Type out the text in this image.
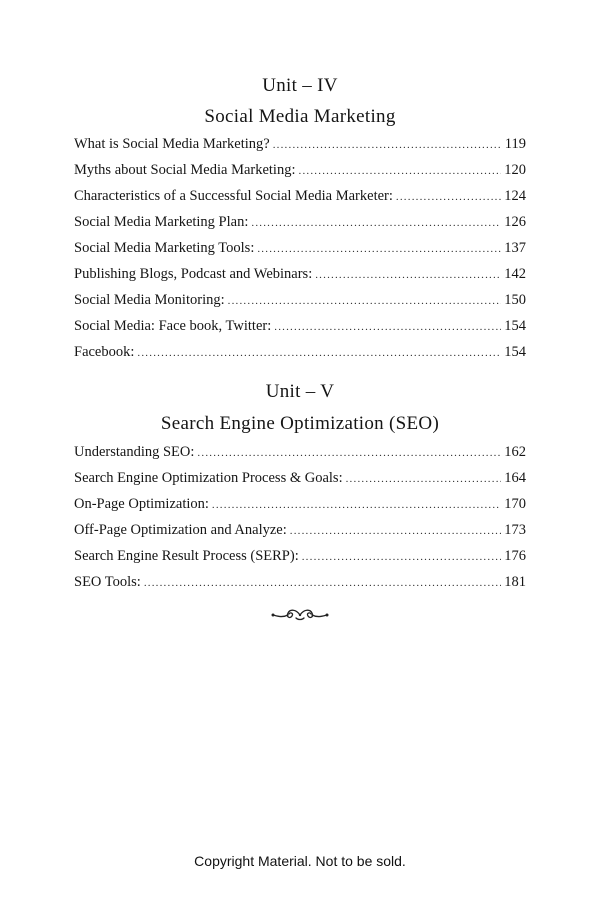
Unit – IV
Social Media Marketing
What is Social Media Marketing? .....	119
Myths about Social Media Marketing: .....	120
Characteristics of a Successful Social Media Marketer: .....	124
Social Media Marketing Plan: .....	126
Social Media Marketing Tools: .....	137
Publishing Blogs, Podcast and Webinars: .....	142
Social Media Monitoring: .....	150
Social Media: Face book, Twitter: .....	154
Facebook: .....	154
Unit – V
Search Engine Optimization (SEO)
Understanding SEO: .....	162
Search Engine Optimization Process & Goals: .....	164
On-Page Optimization: .....	170
Off-Page Optimization and Analyze: .....	173
Search Engine Result Process (SERP): .....	176
SEO Tools: .....	181
Copyright Material. Not to be sold.
